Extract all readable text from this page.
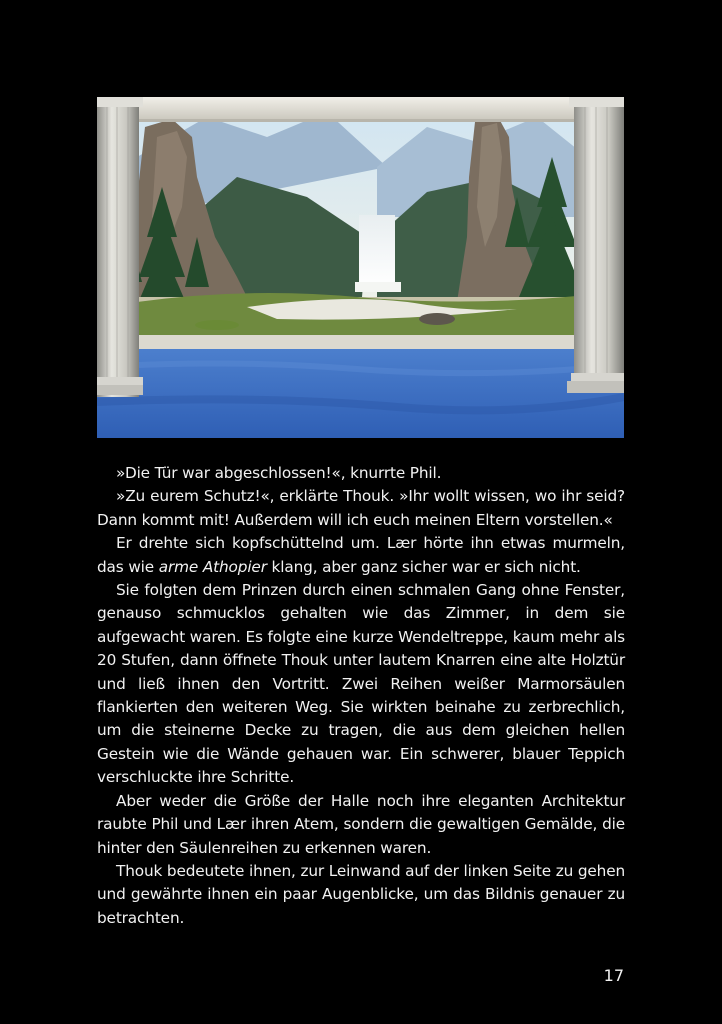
»Die Tür war abgeschlossen!«, knurrte Phil.

»Zu eurem Schutz!«, erklärte Thouk. »Ihr wollt wissen, wo ihr seid? Dann kommt mit! Außerdem will ich euch meinen Eltern vorstellen.«

Er drehte sich kopfschüttelnd um. Lær hörte ihn etwas murmeln, das wie arme Athopier klang, aber ganz sicher war er sich nicht.

Sie folgten dem Prinzen durch einen schmalen Gang ohne Fenster, genauso schmucklos gehalten wie das Zimmer, in dem sie aufgewacht waren. Es folgte eine kurze Wendeltreppe, kaum mehr als 20 Stufen, dann öffnete Thouk unter lautem Knarren eine alte Holztür und ließ ihnen den Vortritt. Zwei Reihen weißer Marmorsäulen flankierten den weiteren Weg. Sie wirkten beinahe zu zerbrechlich, um die steinerne Decke zu tragen, die aus dem gleichen hellen Gestein wie die Wände gehauen war. Ein schwerer, blauer Teppich verschluckte ihre Schritte.

Aber weder die Größe der Halle noch ihre eleganten Architektur raubte Phil und Lær ihren Atem, sondern die gewaltigen Gemälde, die hinter den Säulenreihen zu erkennen waren.

Thouk bedeutete ihnen, zur Leinwand auf der linken Seite zu gehen und gewährte ihnen ein paar Augenblicke, um das Bildnis genauer zu betrachten.

17
